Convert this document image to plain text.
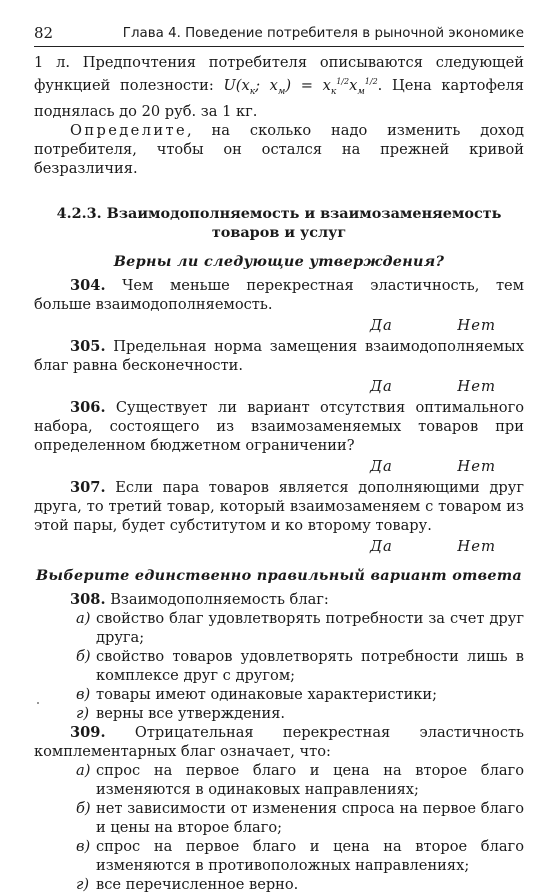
82	Глава 4. Поведение потребителя в рыночной экономике

1 л. Предпочтения потребителя описываются следующей функцией полезности: $U(x_к$; $x_м) = x_к^{1/2}x_м^{1/2}$. Цена картофеля поднялась до 20 руб. за 1 кг.

Определите, на сколько надо изменить доход потребителя, чтобы он остался на прежней кривой безразличия.

4.2.3. Взаимодополняемость и взаимозаменяемость
товаров и услуг
Верны ли следующие утверждения?

304. Чем меньше перекрестная эластичность, тем больше взаимодополняемость.

Да	Нет

305. Предельная норма замещения взаимодополняемых благ равна бесконечности.

Да	Нет

306. Существует ли вариант отсутствия оптимального набора, состоящего из взаимозаменяемых товаров при определенном бюджетном ограничении?

Да	Нет

307. Если пара товаров является дополняющими друг друга, то третий товар, который взаимозаменяем с товаром из этой пары, будет субститутом и ко второму товару.

Да	Нет
Выберите единственно правильный вариант ответа

308. Взаимодополняемость благ:

а) свойство благ удовлетворять потребности за счет друг друга;
б) свойство товаров удовлетворять потребности лишь в комплексе друг с другом;
в) товары имеют одинаковые характеристики;
г) верны все утверждения.

309. Отрицательная перекрестная эластичность комплементарных благ означает, что:

а) спрос на первое благо и цена на второе благо изменяются в одинаковых направлениях;
б) нет зависимости от изменения спроса на первое благо и цены на второе благо;
в) спрос на первое благо и цена на второе благо изменяются в противоположных направлениях;
г) все перечисленное верно.
